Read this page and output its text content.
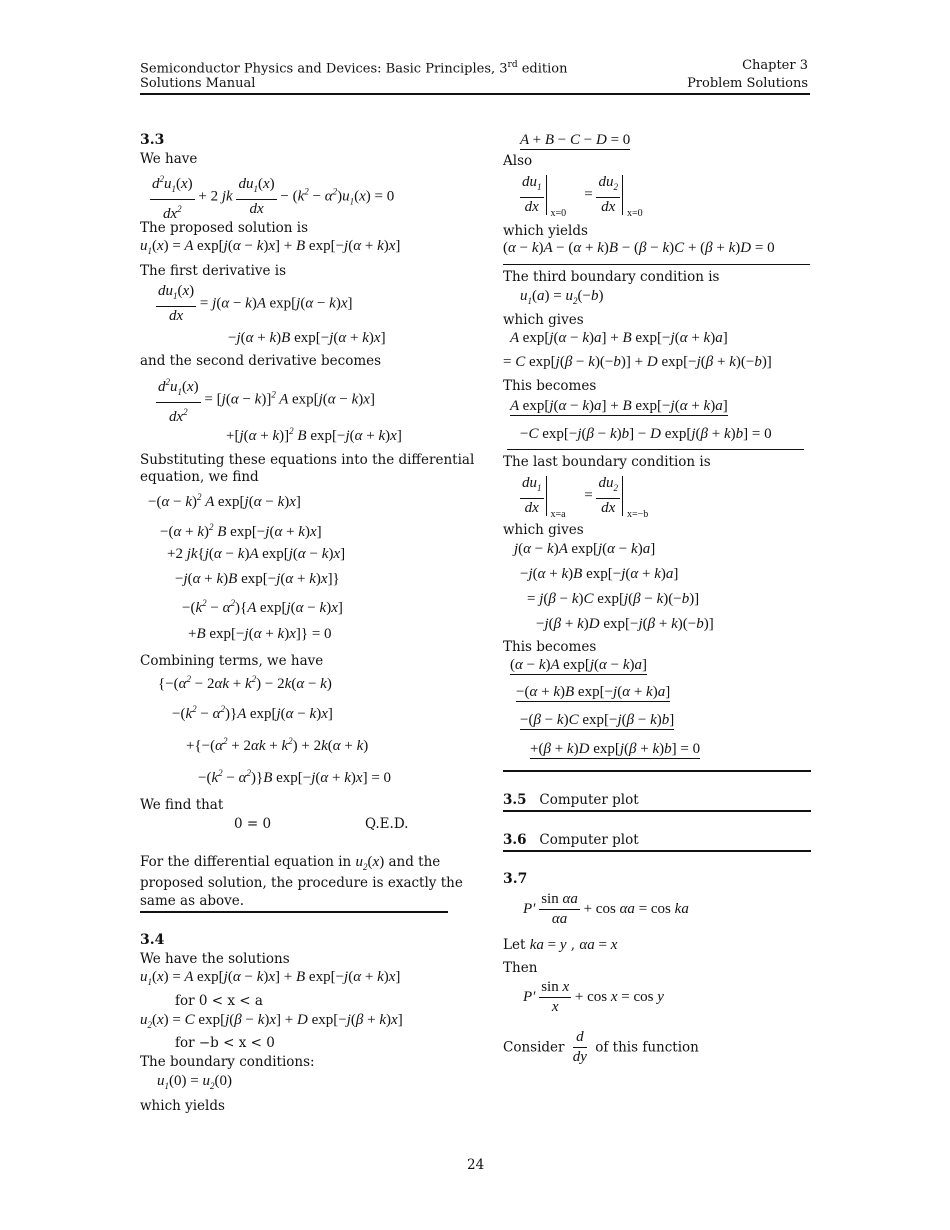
Semiconductor Physics and Devices: Basic Principles, 3rd edition
Solutions Manual
Chapter 3
Problem Solutions
3.3
We have
$\frac{d^2u_1(x)}{dx^2} + 2$ jk $\frac{du_1(x)}{dx} - (k^2 - \alpha^2)u_1(x) = 0$
The proposed solution is
$u_1(x) = A$ exp[j(α − k)x] + B exp[−j(α + k)x]
The first derivative is
$\frac{du_1(x)}{dx} = j(\alpha - k)A$ exp[j(α − k)x]
−j(α + k)B exp[−j(α + k)x]
and the second derivative becomes
$\frac{d^2u_1(x)}{dx^2} = [j(\alpha - k)]^2$ A exp[j(α − k)x]
$+[j(\alpha + k)]^2$ B exp[−j(α + k)x]
Substituting these equations into the differential
equation, we find
$-(\alpha - k)^2$ A exp[j(α − k)x]
$-(\alpha + k)^2$ B exp[−j(α + k)x]
+2 jk{j(α − k)A exp[j(α − k)x]
−j(α + k)B exp[−j(α + k)x]}
$-(k^2 - \alpha^2)\{A$ exp[j(α − k)x]
+B exp[−j(α + k)x]} = 0
Combining terms, we have
{$-(\alpha^2 - 2\alpha k + k^2) - 2k(\alpha - k)$
$-(k^2 - \alpha^2)\}A$ exp[j(α − k)x]
$+\{-(\alpha^2 + 2\alpha k + k^2) + 2k(\alpha + k)$
$-(k^2 - \alpha^2)\}B$ exp[−j(α + k)x] = 0
We find that
0 = 0	Q.E.D.
For the differential equation in $u_2(x)$ and the
proposed solution, the procedure is exactly the
same as above.
3.4
We have the solutions
$u_1(x) = A$ exp[j(α − k)x] + B exp[−j(α + k)x]
for 0 < x < a
$u_2(x) = C$ exp[j(β − k)x] + D exp[−j(β + k)x]
for −b < x < 0
The boundary conditions:
$u_1(0) = u_2(0)$
which yields
A + B − C − D = 0
Also
$\frac{du_1}{dx} x=0$
= $\frac{du_2}{dx} x=0$
which yields
(α − k)A − (α + k)B − (β − k)C + (β + k)D = 0
The third boundary condition is
$u_1(a) = u_2(-b)$
which gives
A exp[j(α − k)a] + B exp[−j(α + k)a]
= C exp[j(β − k)(−b)] + D exp[−j(β + k)(−b)]
This becomes
A exp[j(α − k)a] + B exp[−j(α + k)a]
−C exp[−j(β − k)b] − D exp[j(β + k)b] = 0
The last boundary condition is
$\frac{du_1}{dx} x=a$
= $\frac{du_2}{dx} x=-b$
which gives
j(α − k)A exp[j(α − k)a]
−j(α + k)B exp[−j(α + k)a]
= j(β − k)C exp[j(β − k)(−b)]
−j(β + k)D exp[−j(β + k)(−b)]
This becomes
(α − k)A exp[j(α − k)a]
−(α + k)B exp[−j(α + k)a]
−(β − k)C exp[−j(β − k)b]
+(β + k)D exp[j(β + k)b] = 0
3.5 Computer plot
3.6 Computer plot
3.7
$P' \frac{\text{sin αa}}{\alpha a} + \cos \alpha a = \cos$ ka
Let ka = y , αa = x
Then
$P' \frac{\text{sin x}}{x} + \cos x = \cos y$
Consider $\frac{d}{dy}$ of this function
24
